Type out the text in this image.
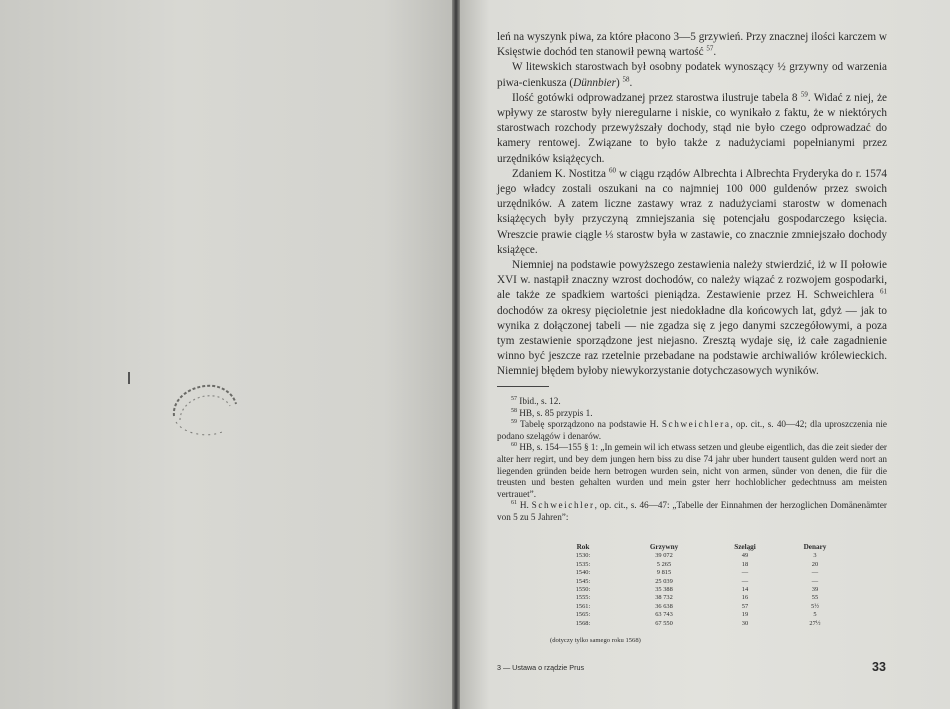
leń na wyszynk piwa, za które płacono 3—5 grzywień. Przy znacznej ilości karczem w Księstwie dochód ten stanowił pewną wartość $^{57}$.

W litewskich starostwach był osobny podatek wynoszący ½ grzywny od warzenia piwa-cienkusza (Dünnbier) $^{58}$.

Ilość gotówki odprowadzanej przez starostwa ilustruje tabela 8 $^{59}$. Widać z niej, że wpływy ze starostw były nieregularne i niskie, co wynikało z faktu, że w niektórych starostwach rozchody przewyższały dochody, stąd nie było czego odprowadzać do kamery rentowej. Związane to było także z nadużyciami popełnianymi przez urzędników książęcych.

Zdaniem K. Nostitza $^{60}$ w ciągu rządów Albrechta i Albrechta Fryderyka do r. 1574 jego władcy zostali oszukani na co najmniej 100 000 guldenów przez swoich urzędników. A zatem liczne zastawy wraz z nadużyciami starostw w domenach książęcych były przyczyną zmniejszania się potencjału gospodarczego księcia. Wreszcie prawie ciągle ⅓ starostw była w zastawie, co znacznie zmniejszało dochody książęce.

Niemniej na podstawie powyższego zestawienia należy stwierdzić, iż w II połowie XVI w. nastąpił znaczny wzrost dochodów, co należy wiązać z rozwojem gospodarki, ale także ze spadkiem wartości pieniądza. Zestawienie przez H. Schweichlera $^{61}$ dochodów za okresy pięcioletnie jest niedokładne dla końcowych lat, gdyż — jak to wynika z dołączonej tabeli — nie zgadza się z jego danymi szczegółowymi, a poza tym zestawienie sporządzone jest niejasno. Zresztą wydaje się, iż całe zagadnienie winno być jeszcze raz rzetelnie przebadane na podstawie archiwaliów królewieckich. Niemniej błędem byłoby niewykorzystanie dotychczasowych wyników.

$^{57}$ Ibid., s. 12.

$^{58}$ HB, s. 85 przypis 1.

$^{59}$ Tabelę sporządzono na podstawie H. Schweichlera, op. cit., s. 40—42; dla uproszczenia nie podano szelągów i denarów.

$^{60}$ HB, s. 154—155 § 1: „In gemein wil ich etwass setzen und gleube eigentlich, das die zeit sieder der alter herr regirt, und bey dem jungen hern biss zu dise 74 jahr uber hundert tausent gulden werd nort an liegenden gründen beide hern betrogen wurden sein, nicht von armen, sünder von denen, die für die treusten und besten gehalten wurden und mein gster herr hochloblicher gedechtnuss am meisten vertrauet”.

$^{61}$ H. Schweichler, op. cit., s. 46—47: „Tabelle der Einnahmen der herzoglichen Domänenämter von 5 zu 5 Jahren”:

Rok	Grzywny	Szelągi	Denary
1530:	39 072	49	3
1535:	5 265	18	20
1540:	9 815	—	—
1545:	25 039	—	—
1550:	35 388	14	39
1555:	38 732	16	55
1561:	36 638	57	5½
1565:	63 743	19	5
1568:	67 550	30	27½
(dotyczy tylko samego roku 1568)
3 — Ustawa o rządzie Prus	33
